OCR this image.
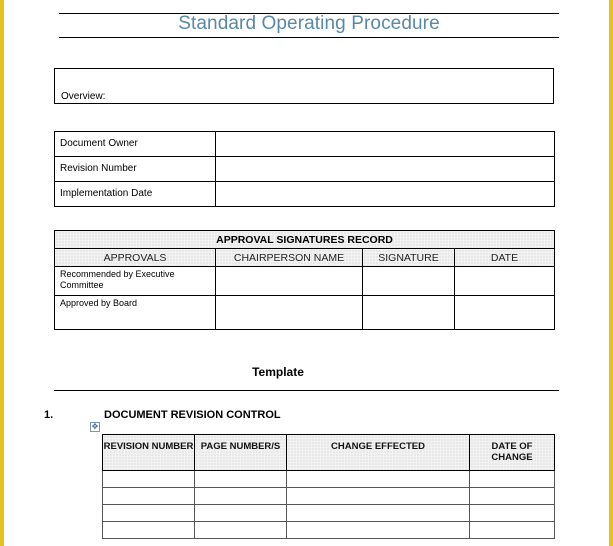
Standard Operating Procedure
Overview:
Document Owner	
Revision Number	
Implementation Date	
APPROVAL SIGNATURES RECORD			
APPROVALS	CHAIRPERSON NAME	SIGNATURE	DATE
Recommended by Executive Committee			
Approved by Board			
Template
1.	DOCUMENT REVISION CONTROL
✥
REVISION NUMBER	PAGE NUMBER/S	CHANGE EFFECTED	DATE OF CHANGE
